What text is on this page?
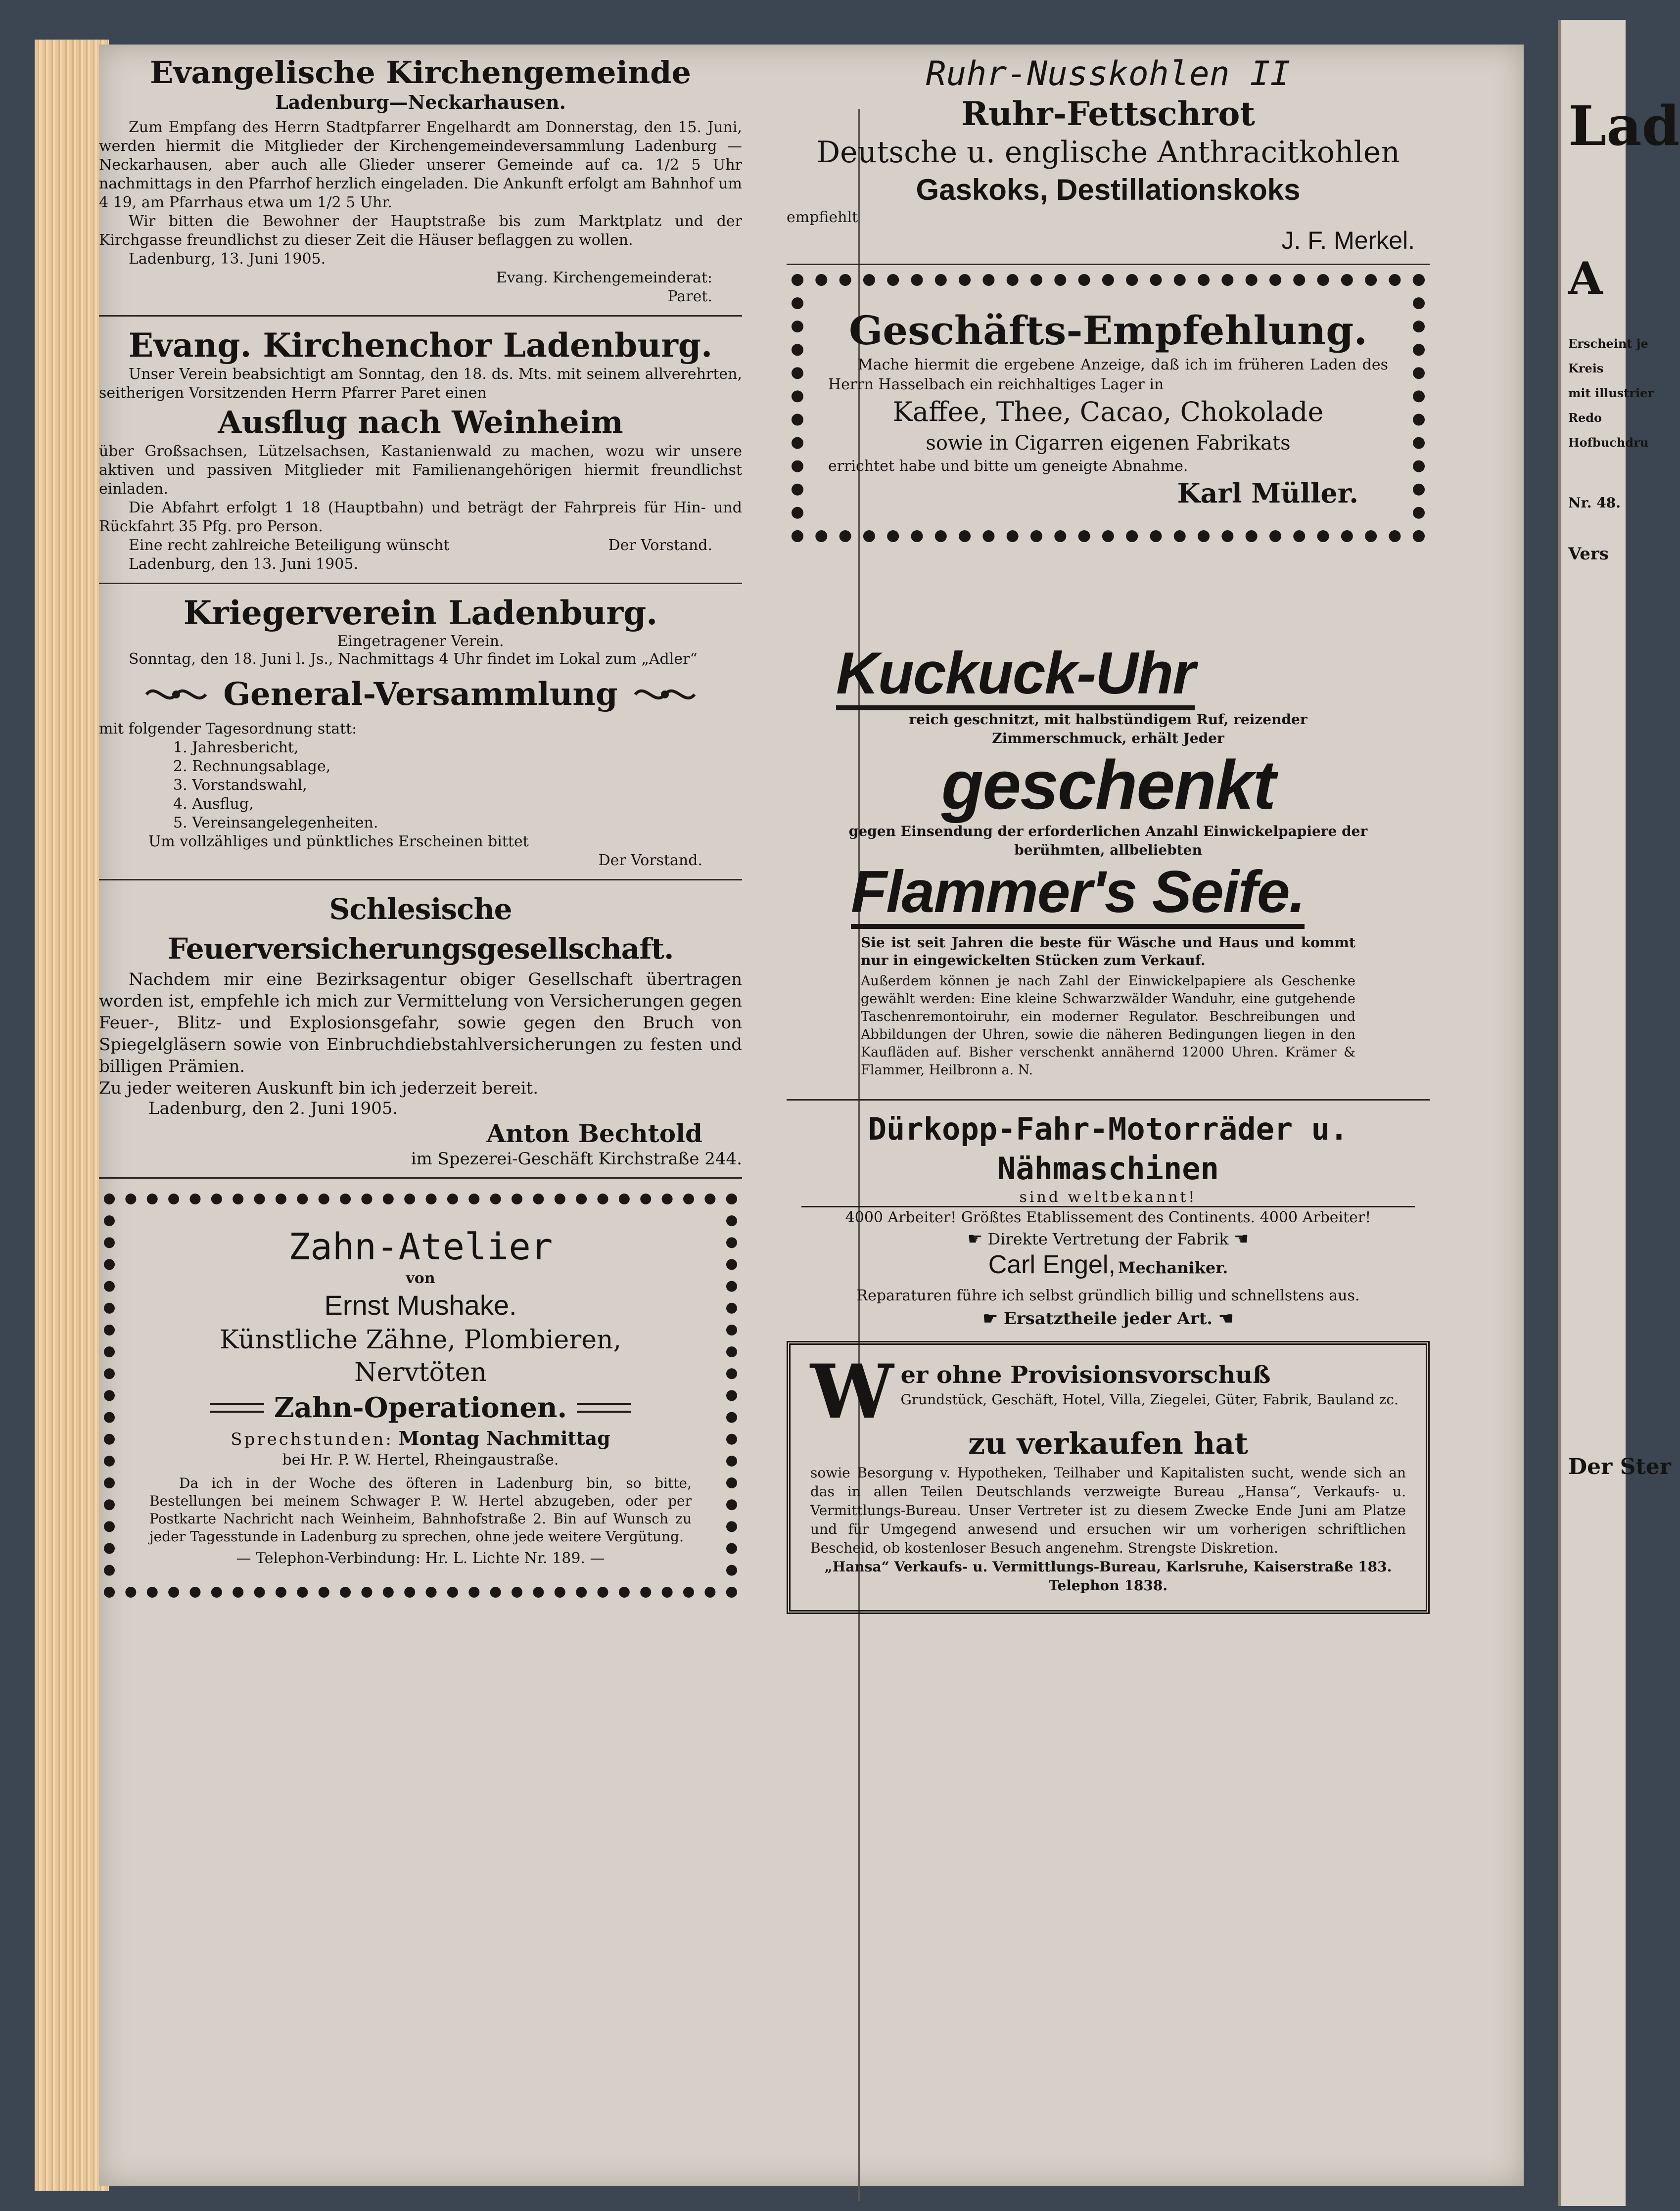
Evangelische Kirchengemeinde
Ladenburg—Neckarhausen.

Zum Empfang des Herrn Stadtpfarrer Engelhardt am Donnerstag, den 15. Juni, werden hiermit die Mitglieder der Kirchengemeindeversammlung Ladenburg — Neckarhausen, aber auch alle Glieder unserer Gemeinde auf ca. 1/2 5 Uhr nachmittags in den Pfarrhof herzlich eingeladen. Die Ankunft erfolgt am Bahnhof um 4 19, am Pfarrhaus etwa um 1/2 5 Uhr.

Wir bitten die Bewohner der Hauptstraße bis zum Marktplatz und der Kirchgasse freundlichst zu dieser Zeit die Häuser beflaggen zu wollen.

Ladenburg, 13. Juni 1905.
Evang. Kirchengemeinderat:
Paret.
Evang. Kirchenchor Ladenburg.

Unser Verein beabsichtigt am Sonntag, den 18. ds. Mts. mit seinem allverehrten, seitherigen Vorsitzenden Herrn Pfarrer Paret einen

Ausflug nach Weinheim

über Großsachsen, Lützelsachsen, Kastanienwald zu machen, wozu wir unsere aktiven und passiven Mitglieder mit Familienangehörigen hiermit freundlichst einladen.

Die Abfahrt erfolgt 1 18 (Hauptbahn) und beträgt der Fahrpreis für Hin- und Rückfahrt 35 Pfg. pro Person.

Eine recht zahlreiche Beteiligung wünscht	Der Vorstand.
Ladenburg, den 13. Juni 1905.
Kriegerverein Ladenburg.
Eingetragener Verein.

Sonntag, den 18. Juni l. Js., Nachmittags 4 Uhr findet im Lokal zum „Adler“

General-Versammlung
mit folgender Tagesordnung statt:
1. Jahresbericht,
2. Rechnungsablage,
3. Vorstandswahl,
4. Ausflug,
5. Vereinsangelegenheiten.
Um vollzähliges und pünktliches Erscheinen bittet
Der Vorstand.
Schlesische Feuerversicherungsgesellschaft.

Nachdem mir eine Bezirksagentur obiger Gesellschaft übertragen worden ist, empfehle ich mich zur Vermittelung von Versicherungen gegen Feuer-, Blitz- und Explosionsgefahr, sowie gegen den Bruch von Spiegelgläsern sowie von Einbruchdiebstahlversicherungen zu festen und billigen Prämien.

Zu jeder weiteren Auskunft bin ich jederzeit bereit.

Ladenburg, den 2. Juni 1905.
Anton Bechtold
im Spezerei-Geschäft Kirchstraße 244.
Zahn-Atelier
von
Ernst Mushake.
Künstliche Zähne, Plombieren,
Nervtöten
Zahn-Operationen.
Sprechstunden: Montag Nachmittag
bei Hr. P. W. Hertel, Rheingaustraße.

Da ich in der Woche des öfteren in Ladenburg bin, so bitte, Bestellungen bei meinem Schwager P. W. Hertel abzugeben, oder per Postkarte Nachricht nach Weinheim, Bahnhofstraße 2. Bin auf Wunsch zu jeder Tagesstunde in Ladenburg zu sprechen, ohne jede weitere Vergütung.

— Telephon-Verbindung: Hr. L. Lichte Nr. 189. —
Ruhr-Nusskohlen II
Ruhr-Fettschrot
Deutsche u. englische Anthracitkohlen
Gaskoks, Destillationskoks
empfiehlt
J. F. Merkel.
Geschäfts-Empfehlung.

Mache hiermit die ergebene Anzeige, daß ich im früheren Laden des Herrn Hasselbach ein reichhaltiges Lager in

Kaffee, Thee, Cacao, Chokolade
sowie in Cigarren eigenen Fabrikats
errichtet habe und bitte um geneigte Abnahme.
Karl Müller.
Kuckuck-Uhr
reich geschnitzt, mit halbstündigem Ruf, reizender Zimmerschmuck, erhält Jeder
geschenkt
gegen Einsendung der erforderlichen Anzahl Einwickelpapiere der berühmten, allbeliebten
Flammer's Seife.
Sie ist seit Jahren die beste für Wäsche und Haus und kommt nur in eingewickelten Stücken zum Verkauf.
Außerdem können je nach Zahl der Einwickelpapiere als Geschenke gewählt werden: Eine kleine Schwarzwälder Wanduhr, eine gutgehende Taschenremontoiruhr, ein moderner Regulator. Beschreibungen und Abbildungen der Uhren, sowie die näheren Bedingungen liegen in den Kaufläden auf. Bisher verschenkt annähernd 12000 Uhren. Krämer & Flammer, Heilbronn a. N.
Dürkopp-Fahr-Motorräder u.
Nähmaschinen
sind weltbekannt!
4000 Arbeiter! Größtes Etablissement des Continents. 4000 Arbeiter!
☛ Direkte Vertretung der Fabrik ☚
Carl Engel, Mechaniker.
Reparaturen führe ich selbst gründlich billig und schnellstens aus.
☛ Ersatztheile jeder Art. ☚
W er ohne Provisionsvorschuß
Grundstück, Geschäft, Hotel, Villa, Ziegelei, Güter, Fabrik, Bauland zc.
zu verkaufen hat

sowie Besorgung v. Hypotheken, Teilhaber und Kapitalisten sucht, wende sich an das in allen Teilen Deutschlands verzweigte Bureau „Hansa“, Verkaufs- u. Vermittlungs-Bureau. Unser Vertreter ist zu diesem Zwecke Ende Juni am Platze und für Umgegend anwesend und ersuchen wir um vorherigen schriftlichen Bescheid, ob kostenloser Besuch angenehm. Strengste Diskretion.

„Hansa“ Verkaufs- u. Vermittlungs-Bureau, Karlsruhe, Kaiserstraße 183. Telephon 1838.
Lad
A
Erscheint je
Kreis
mit illustrier
Redo
Hofbuchdru
Nr. 48.
Vers
Der Ster
